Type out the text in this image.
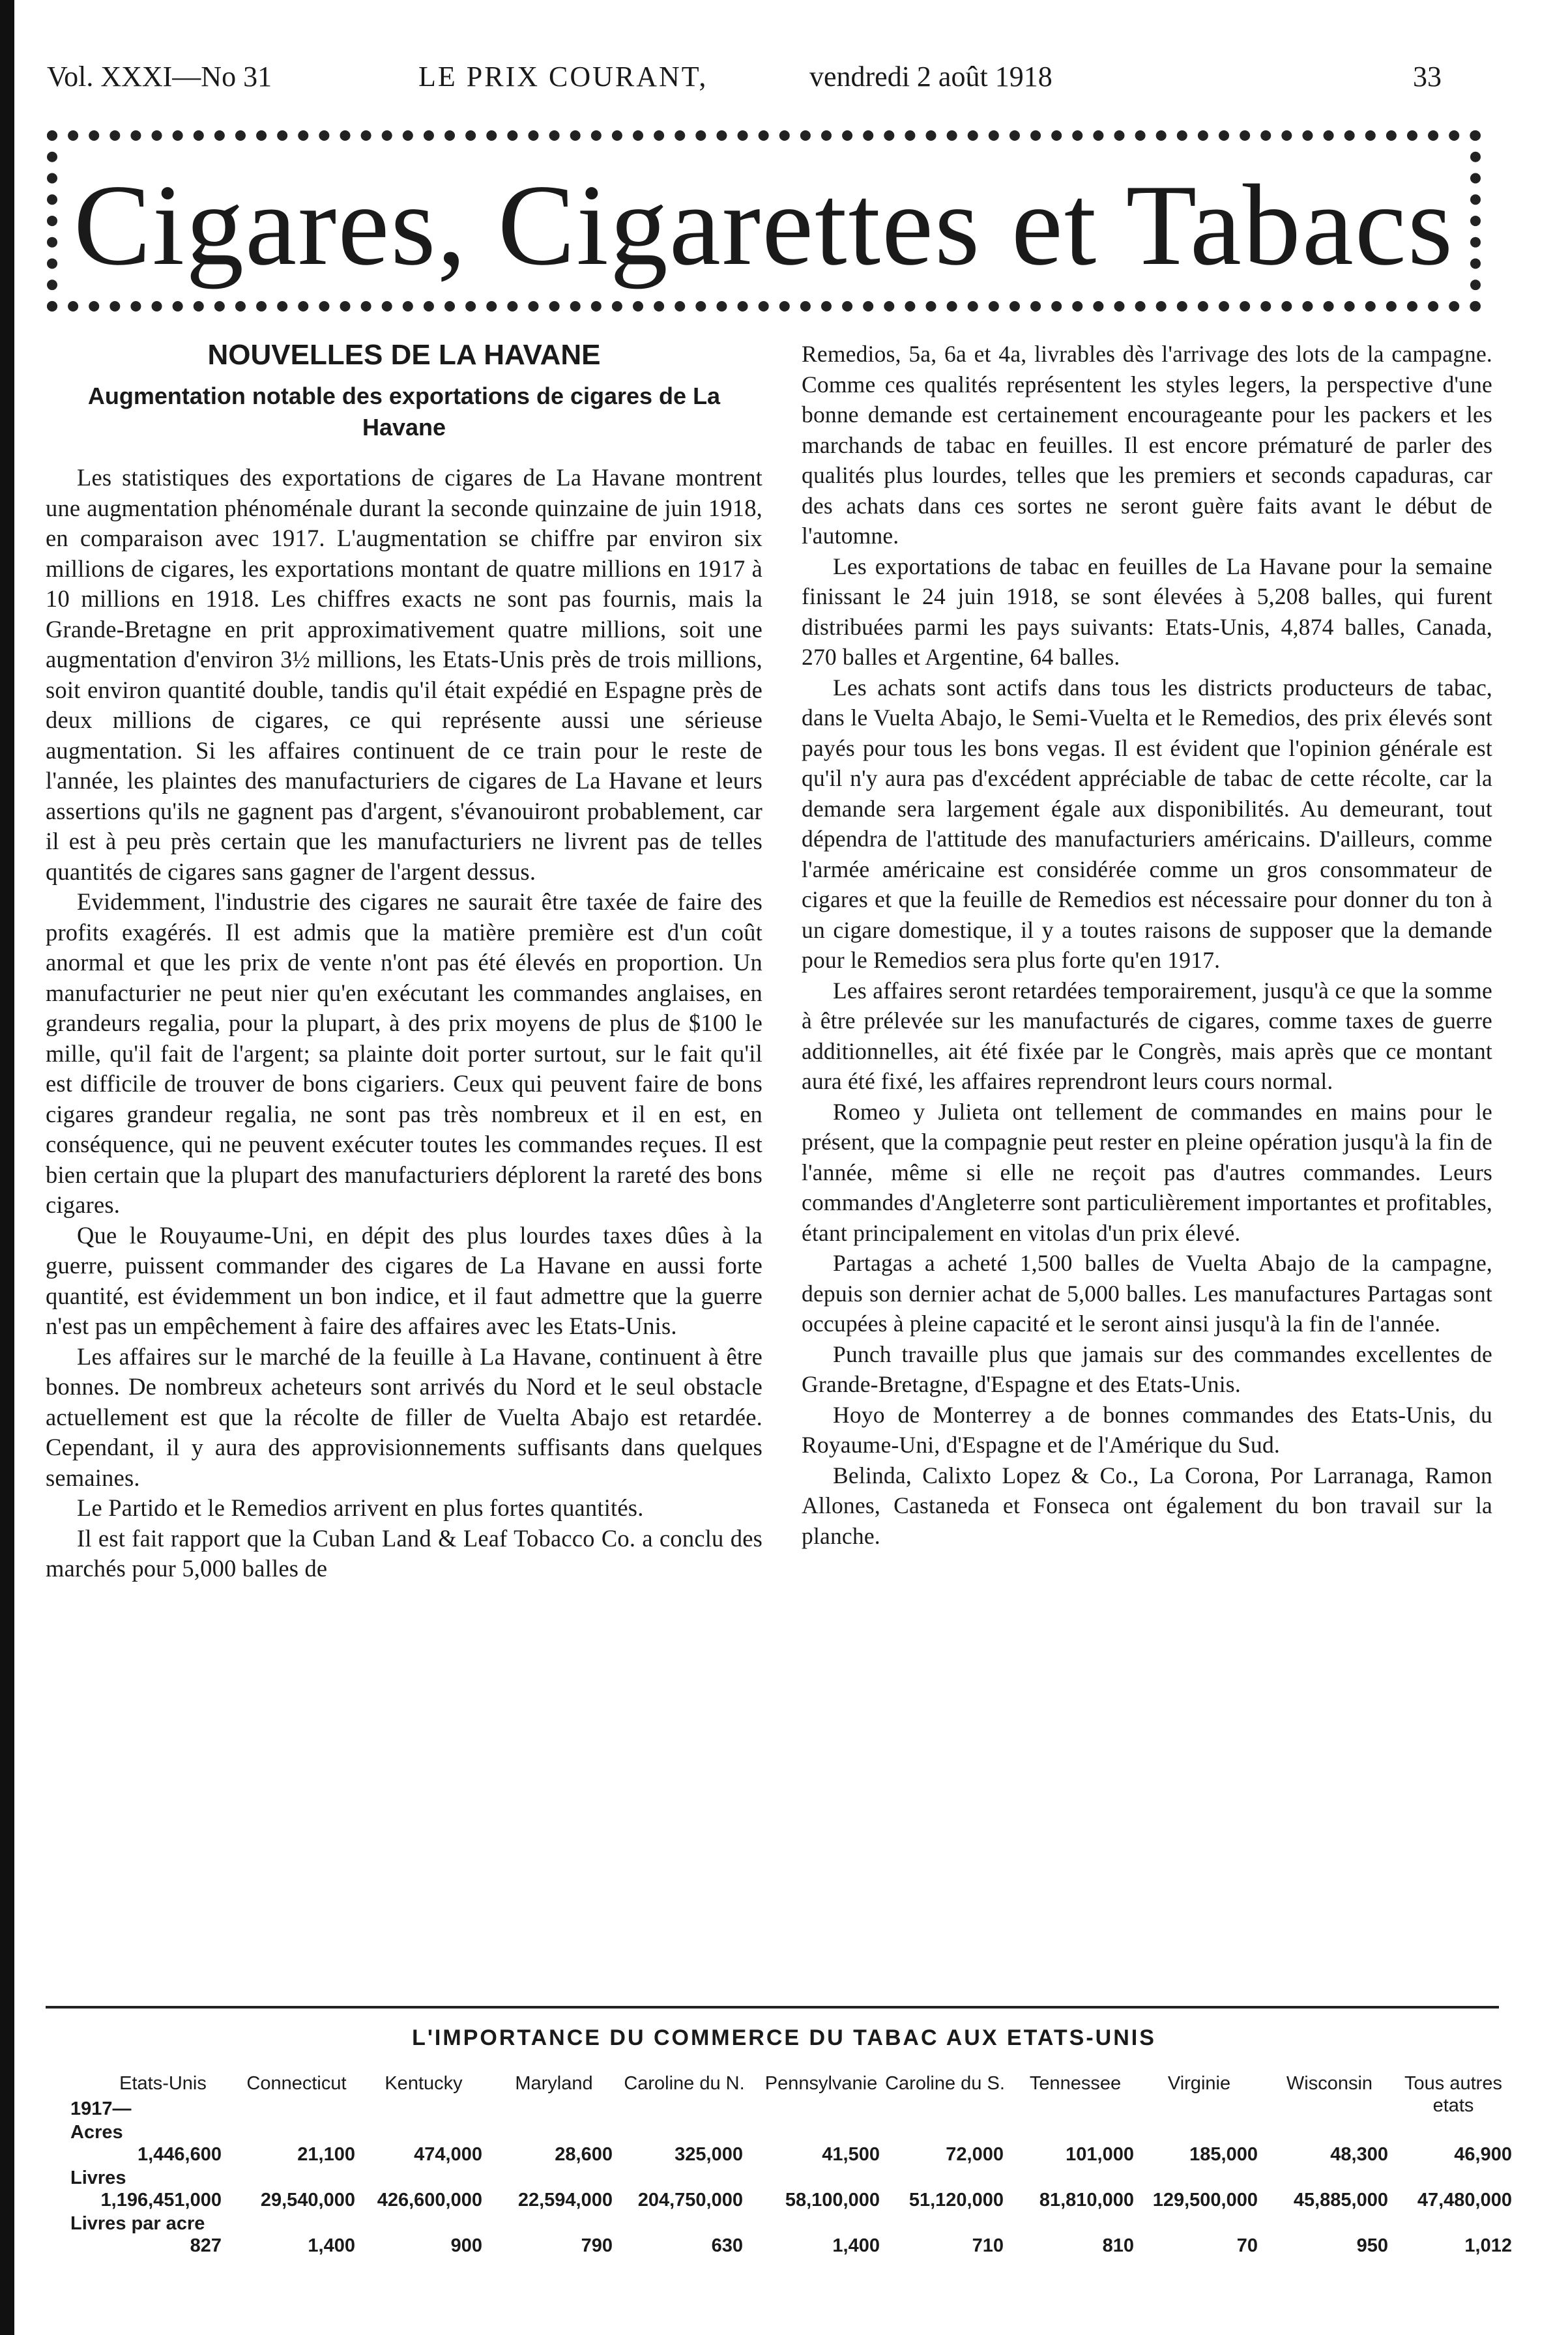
Vol. XXXI—No 31	LE PRIX COURANT,	vendredi 2 août 1918	33
Cigares, Cigarettes et Tabacs
NOUVELLES DE LA HAVANE
Augmentation notable des exportations de cigares de La Havane

Les statistiques des exportations de cigares de La Havane montrent une augmentation phénoménale durant la seconde quinzaine de juin 1918, en comparaison avec 1917. L'augmentation se chiffre par environ six millions de cigares, les exportations montant de quatre millions en 1917 à 10 millions en 1918. Les chiffres exacts ne sont pas fournis, mais la Grande-Bretagne en prit approximativement quatre millions, soit une augmentation d'environ 3½ millions, les Etats-Unis près de trois millions, soit environ quantité double, tandis qu'il était expédié en Espagne près de deux millions de cigares, ce qui représente aussi une sérieuse augmentation. Si les affaires continuent de ce train pour le reste de l'année, les plaintes des manufacturiers de cigares de La Havane et leurs assertions qu'ils ne gagnent pas d'argent, s'évanouiront probablement, car il est à peu près certain que les manufacturiers ne livrent pas de telles quantités de cigares sans gagner de l'argent dessus.

Evidemment, l'industrie des cigares ne saurait être taxée de faire des profits exagérés. Il est admis que la matière première est d'un coût anormal et que les prix de vente n'ont pas été élevés en proportion. Un manufacturier ne peut nier qu'en exécutant les commandes anglaises, en grandeurs regalia, pour la plupart, à des prix moyens de plus de $100 le mille, qu'il fait de l'argent; sa plainte doit porter surtout, sur le fait qu'il est difficile de trouver de bons cigariers. Ceux qui peuvent faire de bons cigares grandeur regalia, ne sont pas très nombreux et il en est, en conséquence, qui ne peuvent exécuter toutes les commandes reçues. Il est bien certain que la plupart des manufacturiers déplorent la rareté des bons cigares.

Que le Rouyaume-Uni, en dépit des plus lourdes taxes dûes à la guerre, puissent commander des cigares de La Havane en aussi forte quantité, est évidemment un bon indice, et il faut admettre que la guerre n'est pas un empêchement à faire des affaires avec les Etats-Unis.

Les affaires sur le marché de la feuille à La Havane, continuent à être bonnes. De nombreux acheteurs sont arrivés du Nord et le seul obstacle actuellement est que la récolte de filler de Vuelta Abajo est retardée. Cependant, il y aura des approvisionnements suffisants dans quelques semaines.

Le Partido et le Remedios arrivent en plus fortes quantités.

Il est fait rapport que la Cuban Land & Leaf Tobacco Co. a conclu des marchés pour 5,000 balles de

Remedios, 5a, 6a et 4a, livrables dès l'arrivage des lots de la campagne. Comme ces qualités représentent les styles legers, la perspective d'une bonne demande est certainement encourageante pour les packers et les marchands de tabac en feuilles. Il est encore prématuré de parler des qualités plus lourdes, telles que les premiers et seconds capaduras, car des achats dans ces sortes ne seront guère faits avant le début de l'automne.

Les exportations de tabac en feuilles de La Havane pour la semaine finissant le 24 juin 1918, se sont élevées à 5,208 balles, qui furent distribuées parmi les pays suivants: Etats-Unis, 4,874 balles, Canada, 270 balles et Argentine, 64 balles.

Les achats sont actifs dans tous les districts producteurs de tabac, dans le Vuelta Abajo, le Semi-Vuelta et le Remedios, des prix élevés sont payés pour tous les bons vegas. Il est évident que l'opinion générale est qu'il n'y aura pas d'excédent appréciable de tabac de cette récolte, car la demande sera largement égale aux disponibilités. Au demeurant, tout dépendra de l'attitude des manufacturiers américains. D'ailleurs, comme l'armée américaine est considérée comme un gros consommateur de cigares et que la feuille de Remedios est nécessaire pour donner du ton à un cigare domestique, il y a toutes raisons de supposer que la demande pour le Remedios sera plus forte qu'en 1917.

Les affaires seront retardées temporairement, jusqu'à ce que la somme à être prélevée sur les manufacturés de cigares, comme taxes de guerre additionnelles, ait été fixée par le Congrès, mais après que ce montant aura été fixé, les affaires reprendront leurs cours normal.

Romeo y Julieta ont tellement de commandes en mains pour le présent, que la compagnie peut rester en pleine opération jusqu'à la fin de l'année, même si elle ne reçoit pas d'autres commandes. Leurs commandes d'Angleterre sont particulièrement importantes et profitables, étant principalement en vitolas d'un prix élevé.

Partagas a acheté 1,500 balles de Vuelta Abajo de la campagne, depuis son dernier achat de 5,000 balles. Les manufactures Partagas sont occupées à pleine capacité et le seront ainsi jusqu'à la fin de l'année.

Punch travaille plus que jamais sur des commandes excellentes de Grande-Bretagne, d'Espagne et des Etats-Unis.

Hoyo de Monterrey a de bonnes commandes des Etats-Unis, du Royaume-Uni, d'Espagne et de l'Amérique du Sud.

Belinda, Calixto Lopez & Co., La Corona, Por Larranaga, Ramon Allones, Castaneda et Fonseca ont également du bon travail sur la planche.

L'IMPORTANCE DU COMMERCE DU TABAC AUX ETATS-UNIS
Etats-Unis	Connecticut	Kentucky	Maryland	Caroline du N.	Pennsylvanie Caroline du S.	Tennessee	Virginie	Wisconsin	Tous autres etats
1917—
Acres
1,446,600	21,100	474,000	28,600	325,000	41,500	72,000	101,000	185,000	48,300	46,900
Livres
1,196,451,000	29,540,000	426,600,000	22,594,000	204,750,000	58,100,000	51,120,000	81,810,000 129,500,000	45,885,000	47,480,000
Livres par acre
827	1,400	900	790	630	1,400	710	810	70	950	1,012
